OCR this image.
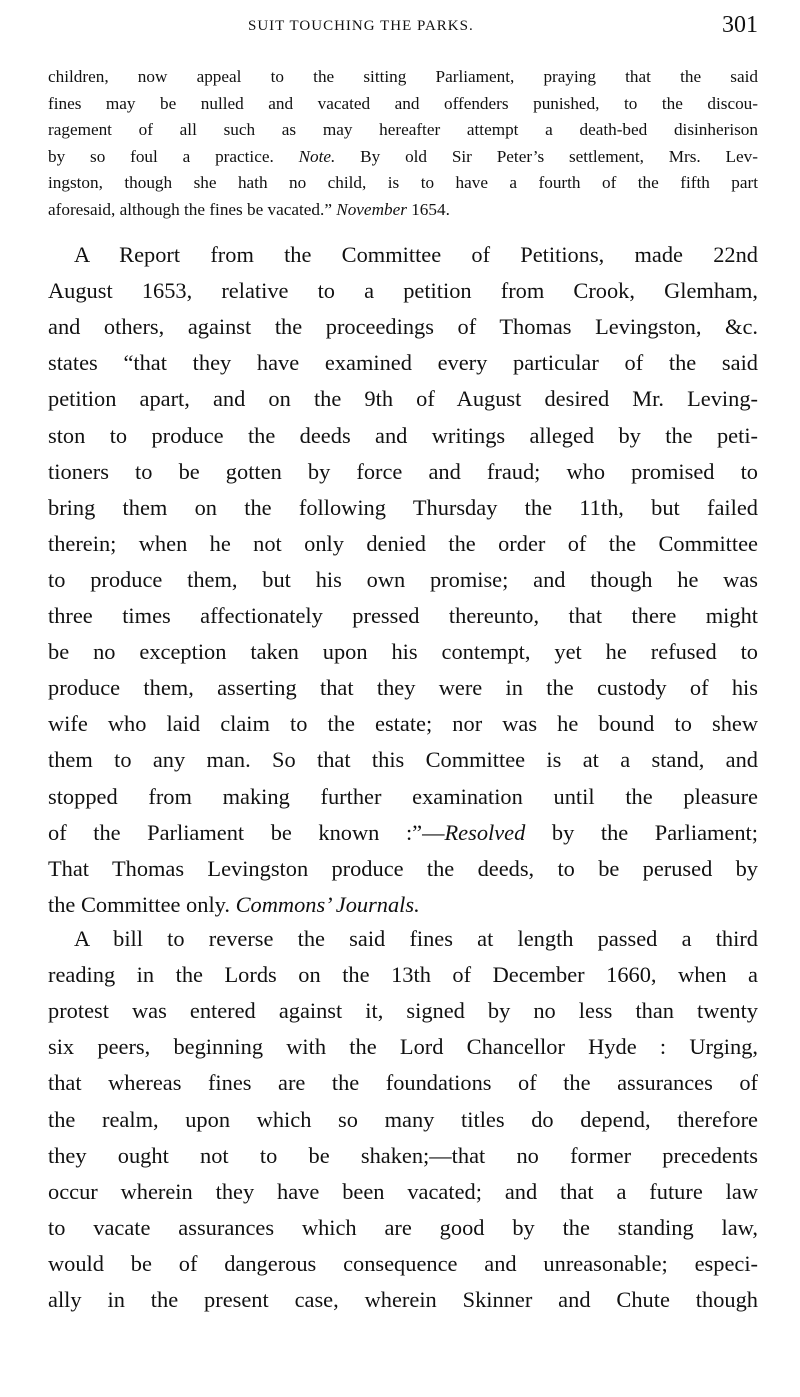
SUIT TOUCHING THE PARKS.	301
children, now appeal to the sitting Parliament, praying that the said
fines may be nulled and vacated and offenders punished, to the discou-
ragement of all such as may hereafter attempt a death-bed disinherison
by so foul a practice. Note. By old Sir Peter’s settlement, Mrs. Lev-
ingston, though she hath no child, is to have a fourth of the fifth part
aforesaid, although the fines be vacated.” November 1654.
A Report from the Committee of Petitions, made 22nd
August 1653, relative to a petition from Crook, Glemham,
and others, against the proceedings of Thomas Levingston, &c.
states “that they have examined every particular of the said
petition apart, and on the 9th of August desired Mr. Leving-
ston to produce the deeds and writings alleged by the peti-
tioners to be gotten by force and fraud; who promised to
bring them on the following Thursday the 11th, but failed
therein; when he not only denied the order of the Committee
to produce them, but his own promise; and though he was
three times affectionately pressed thereunto, that there might
be no exception taken upon his contempt, yet he refused to
produce them, asserting that they were in the custody of his
wife who laid claim to the estate; nor was he bound to shew
them to any man. So that this Committee is at a stand, and
stopped from making further examination until the pleasure
of the Parliament be known :”—Resolved by the Parliament;
That Thomas Levingston produce the deeds, to be perused by
the Committee only. Commons’ Journals.
A bill to reverse the said fines at length passed a third
reading in the Lords on the 13th of December 1660, when a
protest was entered against it, signed by no less than twenty
six peers, beginning with the Lord Chancellor Hyde : Urging,
that whereas fines are the foundations of the assurances of
the realm, upon which so many titles do depend, therefore
they ought not to be shaken;—that no former precedents
occur wherein they have been vacated; and that a future law
to vacate assurances which are good by the standing law,
would be of dangerous consequence and unreasonable; especi-
ally in the present case, wherein Skinner and Chute though
